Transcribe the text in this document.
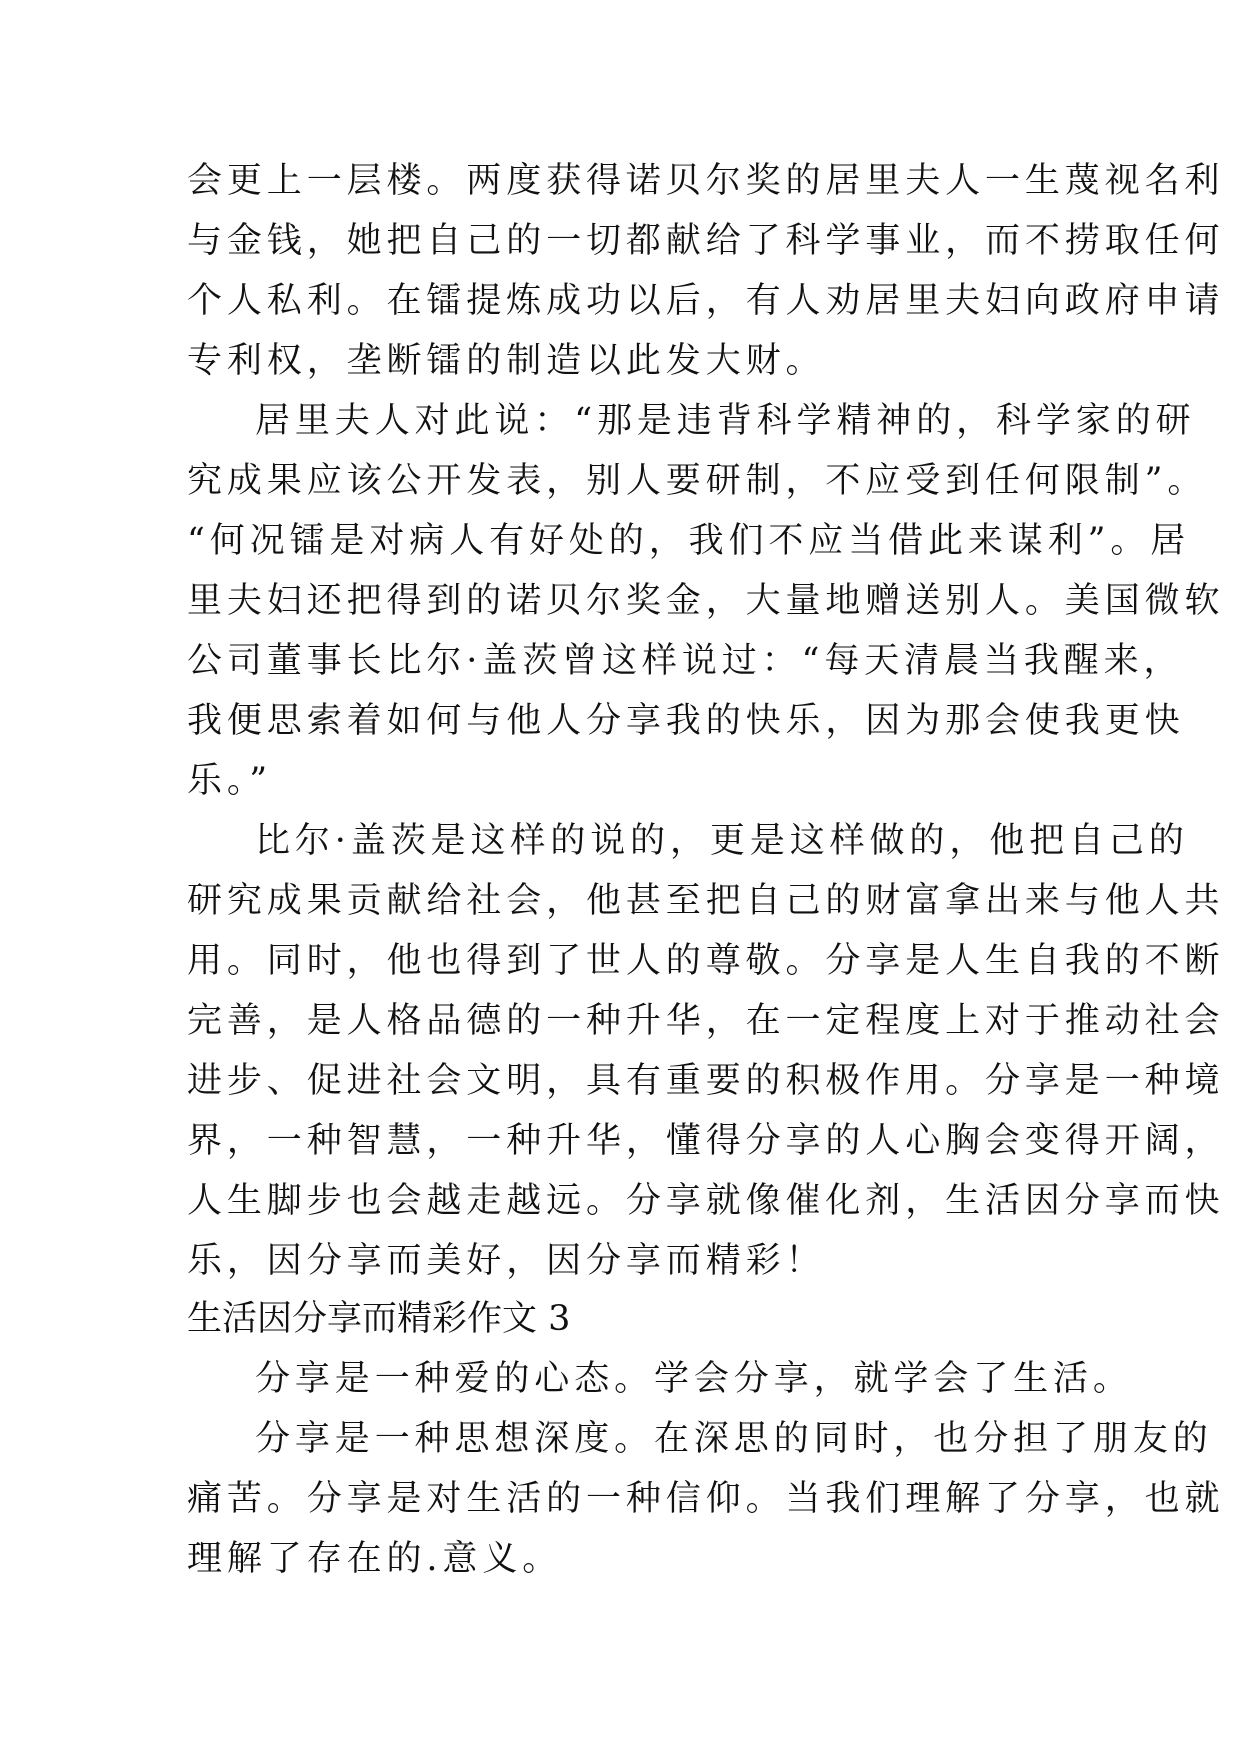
会更上一层楼。两度获得诺贝尔奖的居里夫人一生蔑视名利
与金钱，她把自己的一切都献给了科学事业，而不捞取任何
个人私利。在镭提炼成功以后，有人劝居里夫妇向政府申请
专利权，垄断镭的制造以此发大财。
居里夫人对此说：“那是违背科学精神的，科学家的研
究成果应该公开发表，别人要研制，不应受到任何限制”。
“何况镭是对病人有好处的，我们不应当借此来谋利”。居
里夫妇还把得到的诺贝尔奖金，大量地赠送别人。美国微软
公司董事长比尔·盖茨曾这样说过：“每天清晨当我醒来，
我便思索着如何与他人分享我的快乐，因为那会使我更快
乐。”
比尔·盖茨是这样的说的，更是这样做的，他把自己的
研究成果贡献给社会，他甚至把自己的财富拿出来与他人共
用。同时，他也得到了世人的尊敬。分享是人生自我的不断
完善，是人格品德的一种升华，在一定程度上对于推动社会
进步、促进社会文明，具有重要的积极作用。分享是一种境
界，一种智慧，一种升华，懂得分享的人心胸会变得开阔，
人生脚步也会越走越远。分享就像催化剂，生活因分享而快
乐，因分享而美好，因分享而精彩！
生活因分享而精彩作文 3
分享是一种爱的心态。学会分享，就学会了生活。
分享是一种思想深度。在深思的同时，也分担了朋友的
痛苦。分享是对生活的一种信仰。当我们理解了分享，也就
理解了存在的.意义。
